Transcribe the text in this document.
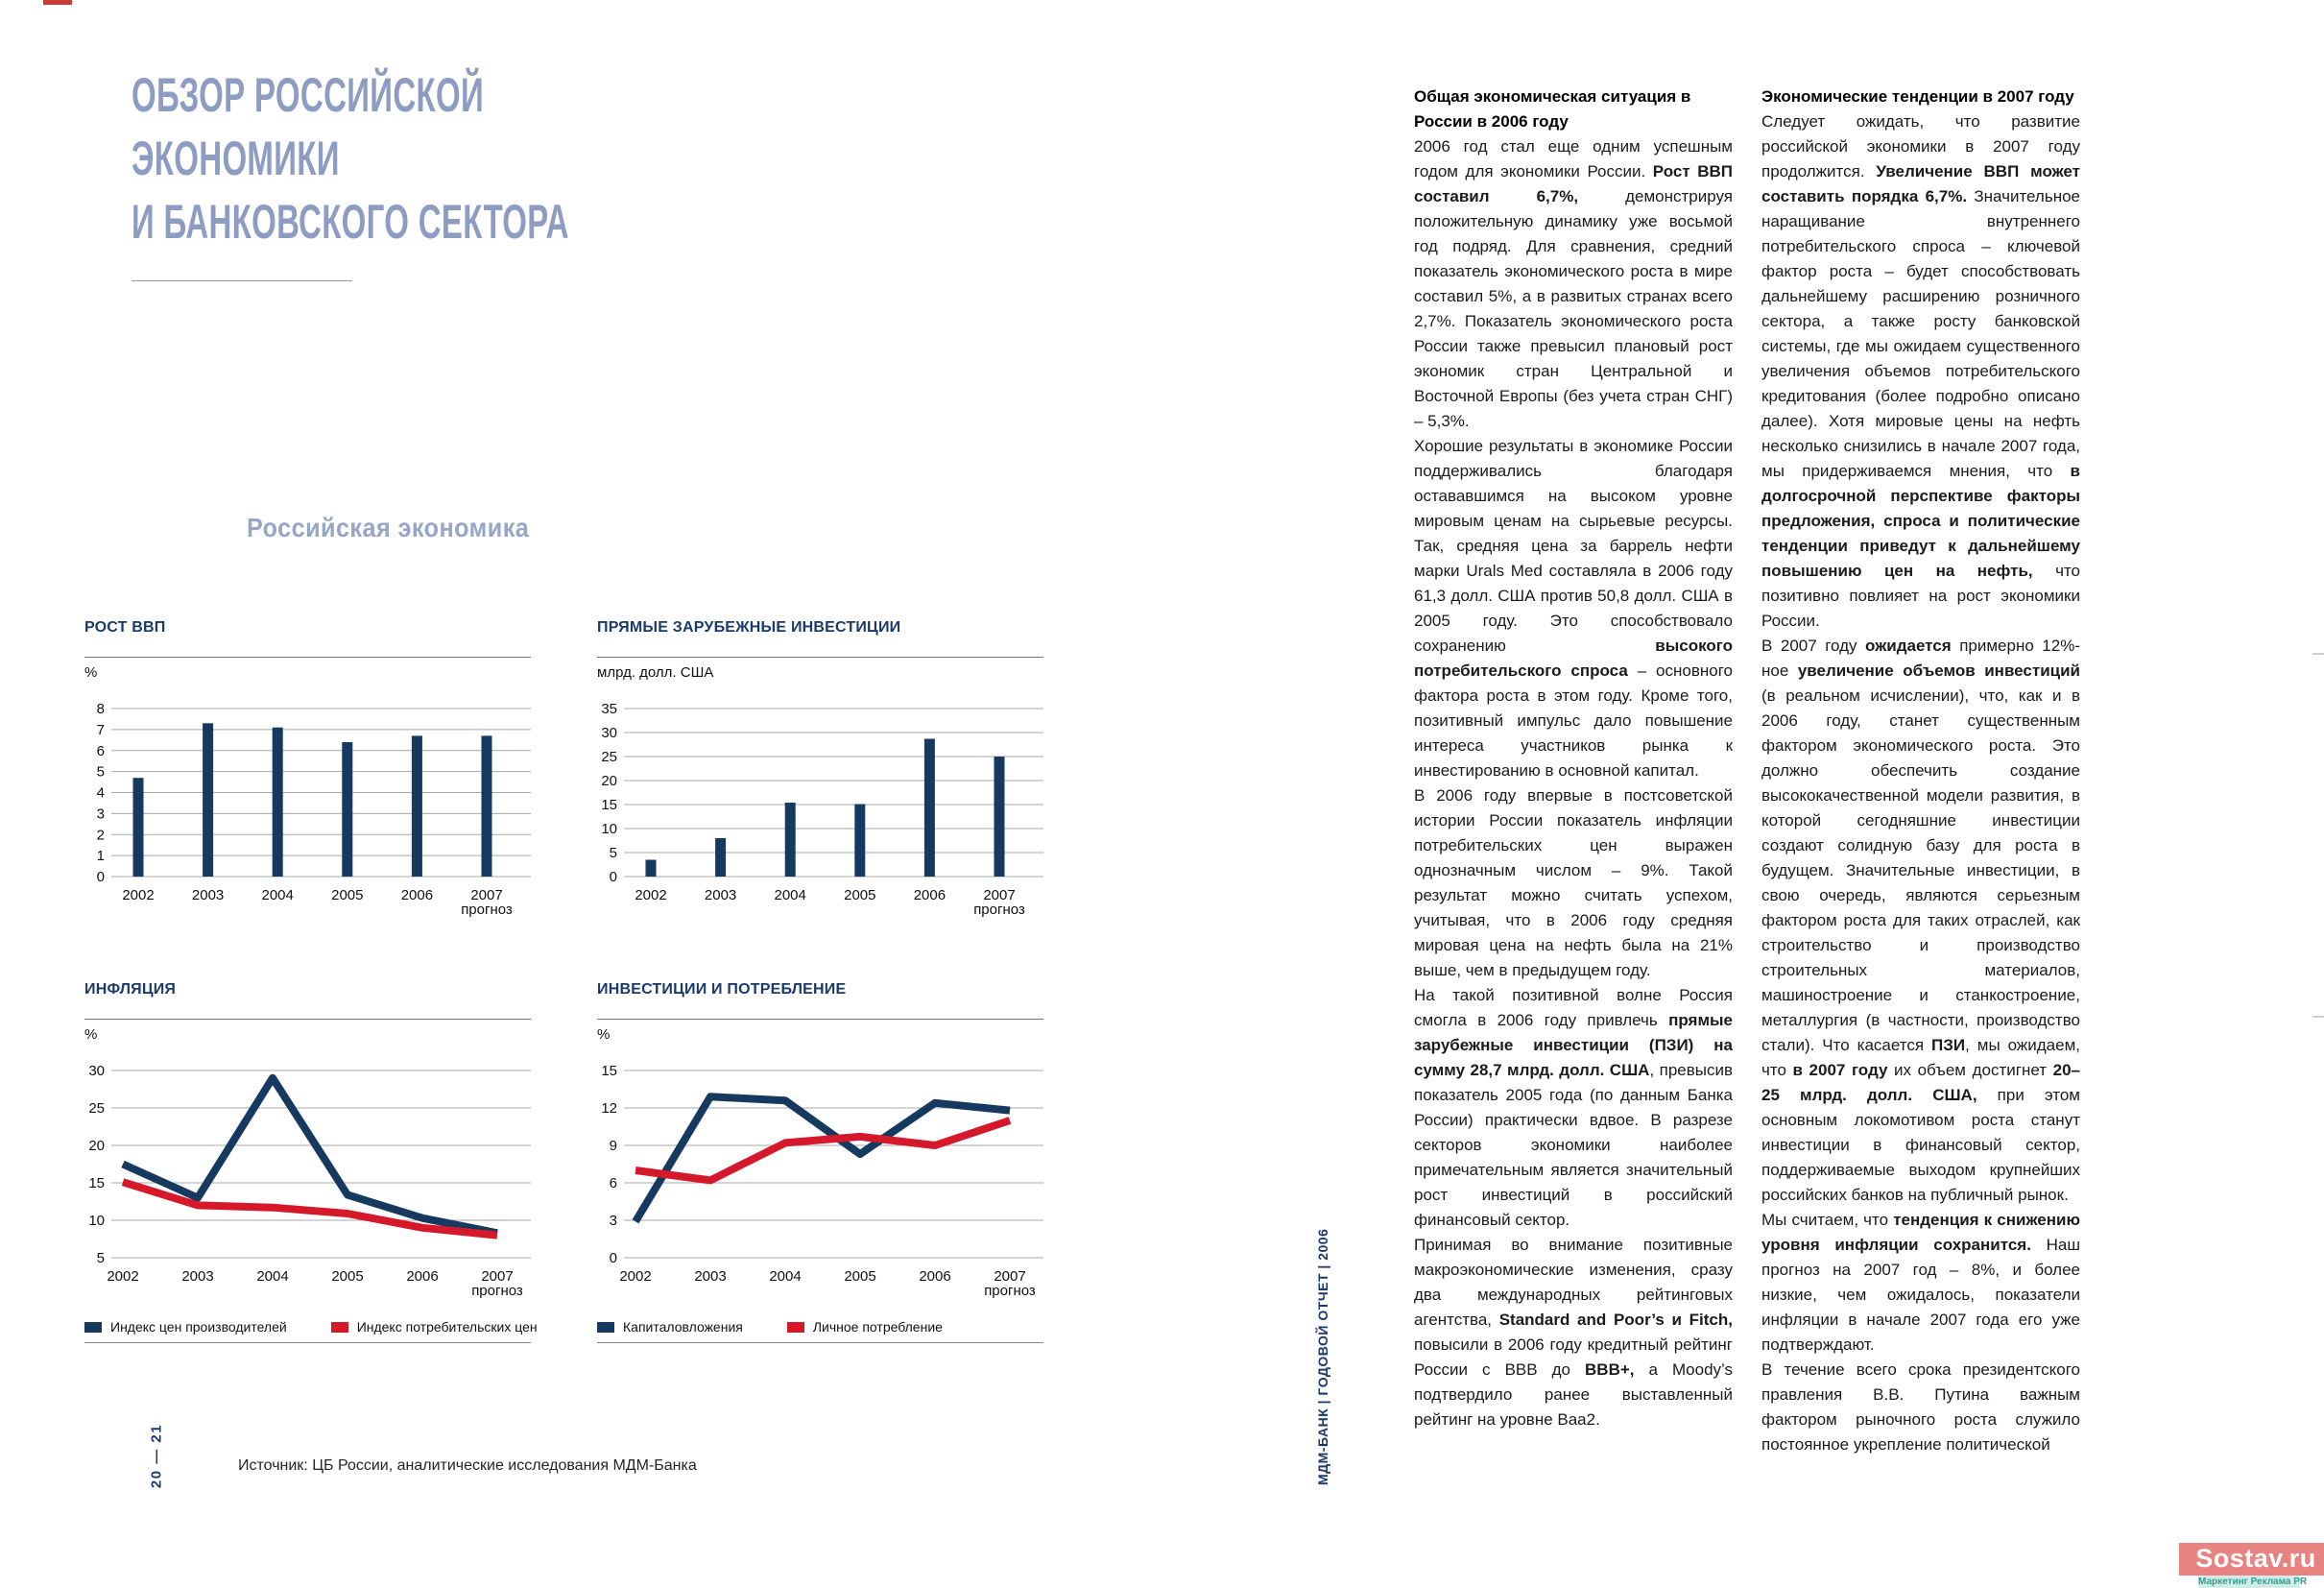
ОБЗОР РОССИЙСКОЙ
ЭКОНОМИКИ
И БАНКОВСКОГО СЕКТОРА
Российская экономика
РОСТ ВВП
%
8
7
6
5
4
3
2
1
0
2002	2003	2004	2005	2006	2007 прогноз
ПРЯМЫЕ ЗАРУБЕЖНЫЕ ИНВЕСТИЦИИ
млрд. долл. США
35
30
25
20
15
10
5
0
2002	2003	2004	2005	2006	2007 прогноз
ИНФЛЯЦИЯ
%
30
25
20
15
10
5
2002	2003	2004	2005	2006	2007 прогноз
Индекс цен производителей	Индекс потребительских цен
ИНВЕСТИЦИИ И ПОТРЕБЛЕНИЕ
%
15
12
9
6
3
0
2002	2003	2004	2005	2006	2007 прогноз
Капиталовложения	Личное потребление
Общая экономическая ситуация в России в 2006 году

2006 год стал еще одним успешным годом для экономики России. Рост ВВП составил 6,7%, демонстрируя положительную динамику уже восьмой год подряд. Для сравнения, средний показатель экономического роста в мире составил 5%, а в развитых странах всего 2,7%. Показатель экономического роста России также превысил плановый рост экономик стран Центральной и Восточной Европы (без учета стран СНГ) – 5,3%.

Хорошие результаты в экономике России поддерживались благодаря остававшимся на высоком уровне мировым ценам на сырьевые ресурсы. Так, средняя цена за баррель нефти марки Urals Med составляла в 2006 году 61,3 долл. США против 50,8 долл. США в 2005 году. Это способствовало сохранению высокого потребительского спроса – основного фактора роста в этом году. Кроме того, позитивный импульс дало повышение интереса участников рынка к инвестированию в основной капитал.

В 2006 году впервые в постсоветской истории России показатель инфляции потребительских цен выражен однозначным числом – 9%. Такой результат можно считать успехом, учитывая, что в 2006 году средняя мировая цена на нефть была на 21% выше, чем в предыдущем году.

На такой позитивной волне Россия смогла в 2006 году привлечь прямые зарубежные инвестиции (ПЗИ) на сумму 28,7 млрд. долл. США, превысив показатель 2005 года (по данным Банка России) практически вдвое. В разрезе секторов экономики наиболее примечательным является значительный рост инвестиций в российский финансовый сектор.

Принимая во внимание позитивные макроэкономические изменения, сразу два международных рейтинговых агентства, Standard and Poor’s и Fitch, повысили в 2006 году кредитный рейтинг России с ВВВ до ВВВ+, а Moody’s подтвердило ранее выставленный рейтинг на уровне Ваа2.

Экономические тенденции в 2007 году

Следует ожидать, что развитие российской экономики в 2007 году продолжится. Увеличение ВВП может составить порядка 6,7%. Значительное наращивание внутреннего потребительского спроса – ключевой фактор роста – будет способствовать дальнейшему расширению розничного сектора, а также росту банковской системы, где мы ожидаем существенного увеличения объемов потребительского кредитования (более подробно описано далее). Хотя мировые цены на нефть несколько снизились в начале 2007 года, мы придерживаемся мнения, что в долгосрочной перспективе факторы предложения, спроса и политические тенденции приведут к дальнейшему повышению цен на нефть, что позитивно повлияет на рост экономики России.

В 2007 году ожидается примерно 12%-ное увеличение объемов инвестиций (в реальном исчислении), что, как и в 2006 году, станет существенным фактором экономического роста. Это должно обеспечить создание высококачественной модели развития, в которой сегодняшние инвестиции создают солидную базу для роста в будущем. Значительные инвестиции, в свою очередь, являются серьезным фактором роста для таких отраслей, как строительство и производство строительных материалов, машиностроение и станкостроение, металлургия (в частности, производство стали). Что касается ПЗИ, мы ожидаем, что в 2007 году их объем достигнет 20–25 млрд. долл. США, при этом основным локомотивом роста станут инвестиции в финансовый сектор, поддерживаемые выходом крупнейших российских банков на публичный рынок.

Мы считаем, что тенденция к снижению уровня инфляции сохранится. Наш прогноз на 2007 год – 8%, и более низкие, чем ожидалось, показатели инфляции в начале 2007 года его уже подтверждают.

В течение всего срока президентского правления В.В. Путина важным фактором рыночного роста служило постоянное укрепление политической

Источник: ЦБ России, аналитические исследования МДМ-Банка
20 — 21	МДМ-БАНК | ГОДОВОЙ ОТЧЕТ | 2006
Sostav.ru
Маркетинг Реклама PR
